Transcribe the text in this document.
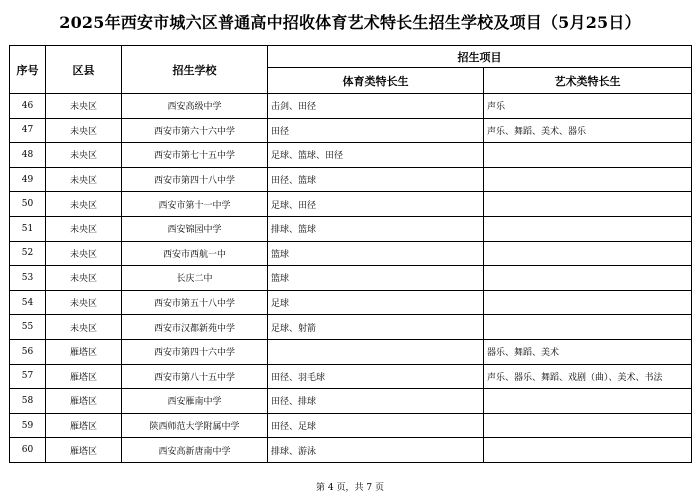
2025年西安市城六区普通高中招收体育艺术特长生招生学校及项目（5月25日）
序号	区县	招生学校	招生项目	
			体育类特长生	艺术类特长生
46	未央区	西安高级中学	击剑、田径	声乐
47	未央区	西安市第六十六中学	田径	声乐、舞蹈、美术、器乐
48	未央区	西安市第七十五中学	足球、篮球、田径	
49	未央区	西安市第四十八中学	田径、篮球	
50	未央区	西安市第十一中学	足球、田径	
51	未央区	西安锦园中学	排球、篮球	
52	未央区	西安市西航一中	篮球	
53	未央区	长庆二中	篮球	
54	未央区	西安市第五十八中学	足球	
55	未央区	西安市汉都新苑中学	足球、射箭	
56	雁塔区	西安市第四十六中学		器乐、舞蹈、美术
57	雁塔区	西安市第八十五中学	田径、羽毛球	声乐、器乐、舞蹈、戏剧（曲）、美术、书法
58	雁塔区	西安雁南中学	田径、排球	
59	雁塔区	陕西师范大学附属中学	田径、足球	
60	雁塔区	西安高新唐南中学	排球、游泳	
第 4 页，共 7 页
